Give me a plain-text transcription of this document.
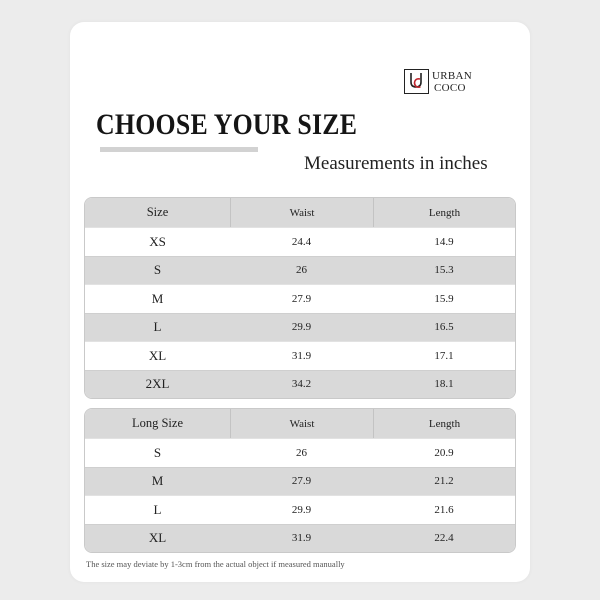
URBAN
COCO
CHOOSE YOUR SIZE
Measurements in inches
Size	Waist	Length
XS	24.4	14.9
S	26	15.3
M	27.9	15.9
L	29.9	16.5
XL	31.9	17.1
2XL	34.2	18.1
Long Size	Waist	Length
S	26	20.9
M	27.9	21.2
L	29.9	21.6
XL	31.9	22.4
The size may deviate by 1-3cm from the actual object if measured manually
